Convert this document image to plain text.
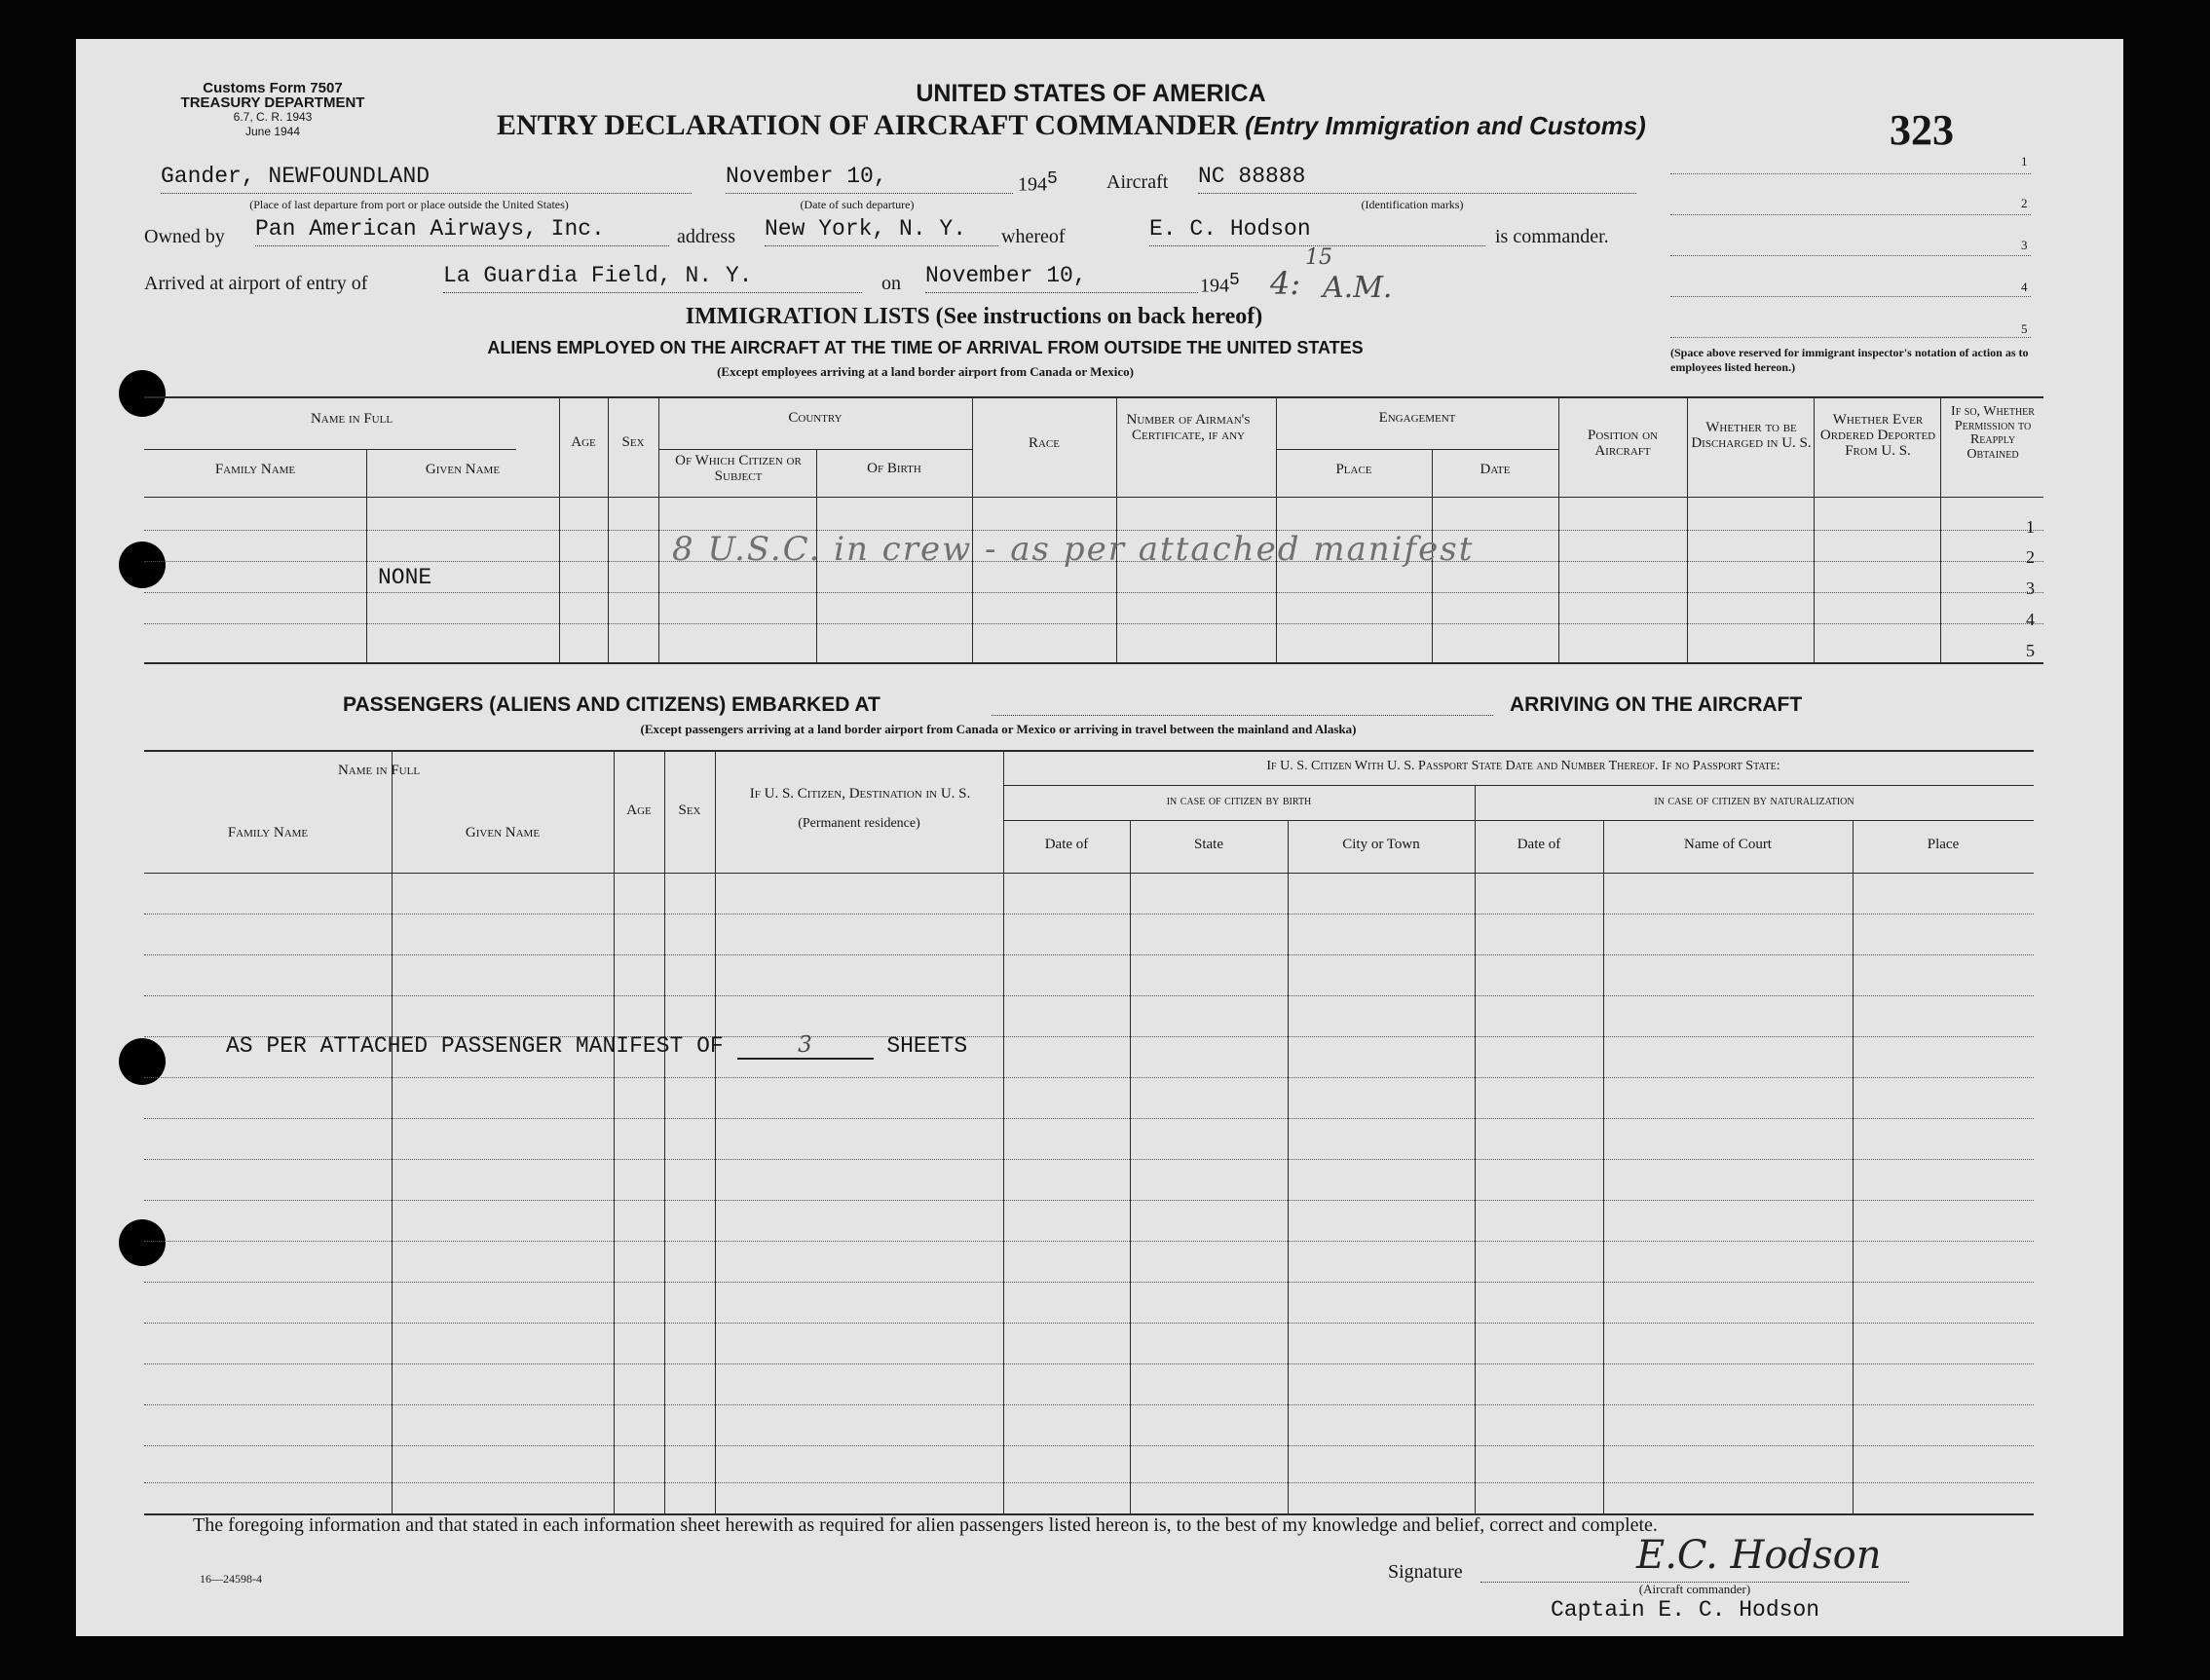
Customs Form 7507
TREASURY DEPARTMENT
6.7, C. R. 1943
June 1944
UNITED STATES OF AMERICA
ENTRY DECLARATION OF AIRCRAFT COMMANDER (Entry Immigration and Customs)	323
Gander, NEWFOUNDLAND
(Place of last departure from port or place outside the United States)
November 10,	$194^5$
(Date of such departure)
Aircraft NC 88888
(Identification marks)
Owned by Pan American Airways, Inc.	address New York, N. Y.	whereof	E. C. Hodson	is commander.
Arrived at airport of entry of	La Guardia Field, N. Y.	on November 10,	$194^5$ 4:
15
A.M.
1
2
3
4
5
(Space above reserved for immigrant inspector's notation of action as to employees listed hereon.)
IMMIGRATION LISTS (See instructions on back hereof)
ALIENS EMPLOYED ON THE AIRCRAFT AT THE TIME OF ARRIVAL FROM OUTSIDE THE UNITED STATES
(Except employees arriving at a land border airport from Canada or Mexico)
Name in Full
Family Name	Given Name
Age	Sex
Country
Of Which Citizen or Subject	Of Birth
Race
Number of Airman's Certificate, if any
Engagement
Place	Date
Position on Aircraft
Whether to be Discharged in U. S.
Whether Ever Ordered Deported From U. S.
If so, Whether Permission to Reapply Obtained
1
2
3
4
5
NONE
8 U.S.C. in crew - as per attached manifest
PASSENGERS (ALIENS AND CITIZENS) EMBARKED AT	ARRIVING ON THE AIRCRAFT
(Except passengers arriving at a land border airport from Canada or Mexico or arriving in travel between the mainland and Alaska)
Name in Full
Family Name	Given Name
Age	Sex
If U. S. Citizen, Destination in U. S.
(Permanent residence)
If U. S. Citizen With U. S. Passport State Date and Number Thereof. If no Passport State:
in case of citizen by birth	in case of citizen by naturalization
Date of	State	City or Town	Date of	Name of Court	Place
AS PER ATTACHED PASSENGER MANIFEST OF	3	SHEETS
The foregoing information and that stated in each information sheet herewith as required for alien passengers listed hereon is, to the best of my knowledge and belief, correct and complete.
16—24598-4	Signature	E.C. Hodson
(Aircraft commander)
Captain E. C. Hodson
